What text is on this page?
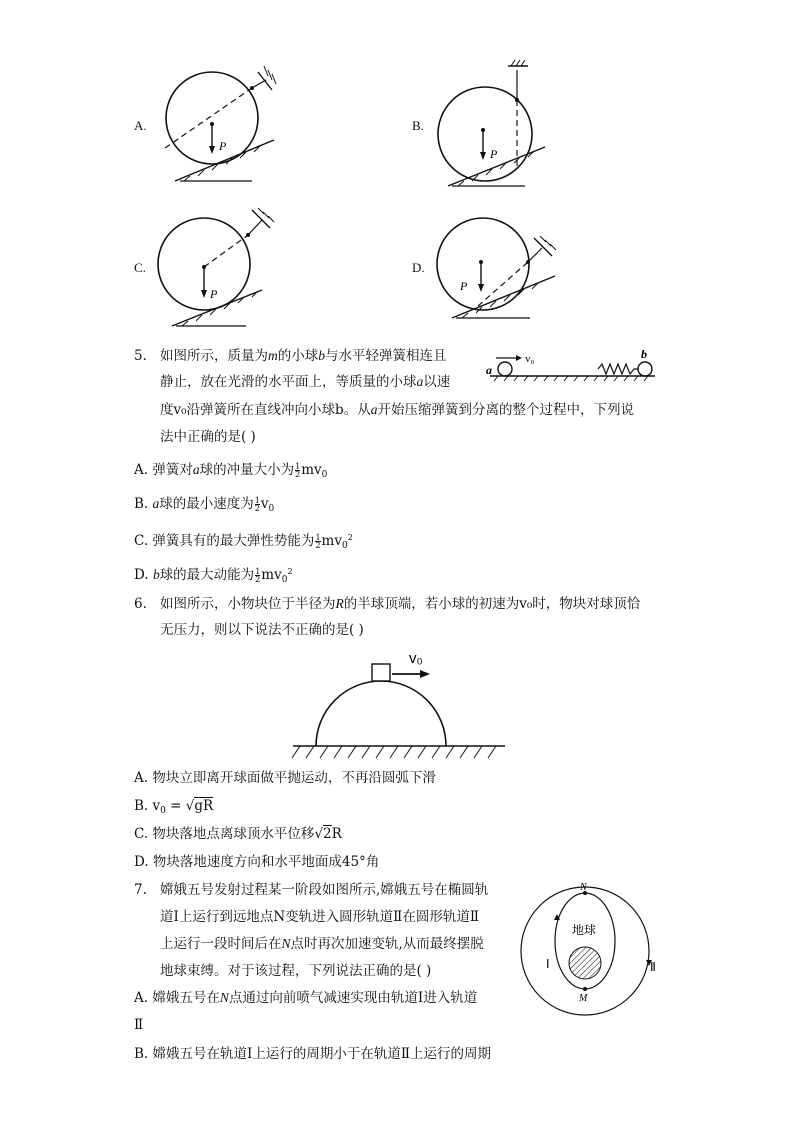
A.
P
B.
P
C.
P
D.
P
5. 如图所示，质量为m的小球b与水平轻弹簧相连且
静止，放在光滑的水平面上，等质量的小球a以速
度v₀沿弹簧所在直线冲向小球b。从a开始压缩弹簧到分离的整个过程中，下列说
法中正确的是( )
a
b
v₀
A. 弹簧对a球的冲量大小为 $\frac{1}{2} mv_0$
B. a球的最小速度为 $\frac{1}{2} v_0$
C. 弹簧具有的最大弹性势能为 $\frac{1}{2} mv_0^2$
D. b球的最大动能为 $\frac{1}{2} mv_0^2$
6. 如图所示，小物块位于半径为R的半球顶端，若小球的初速为v₀时，物块对球顶恰
无压力，则以下说法不正确的是( )
v₀
A. 物块立即离开球面做平抛运动，不再沿圆弧下滑
B. $v_0 = √gR$
C. 物块落地点离球顶水平位移√2R
D. 物块落地速度方向和水平地面成45°角
7. 嫦娥五号发射过程某一阶段如图所示,嫦娥五号在椭圆轨
道Ⅰ上运行到远地点N变轨进入圆形轨道Ⅱ在圆形轨道Ⅱ
上运行一段时间后在N点时再次加速变轨,从而最终摆脱
地球束缚。对于该过程，下列说法正确的是( )
A. 嫦娥五号在N点通过向前喷气减速实现由轨道Ⅰ进入轨道
Ⅱ
B. 嫦娥五号在轨道Ⅰ上运行的周期小于在轨道Ⅱ上运行的周期
N
M
地球
Ⅰ	Ⅱ
